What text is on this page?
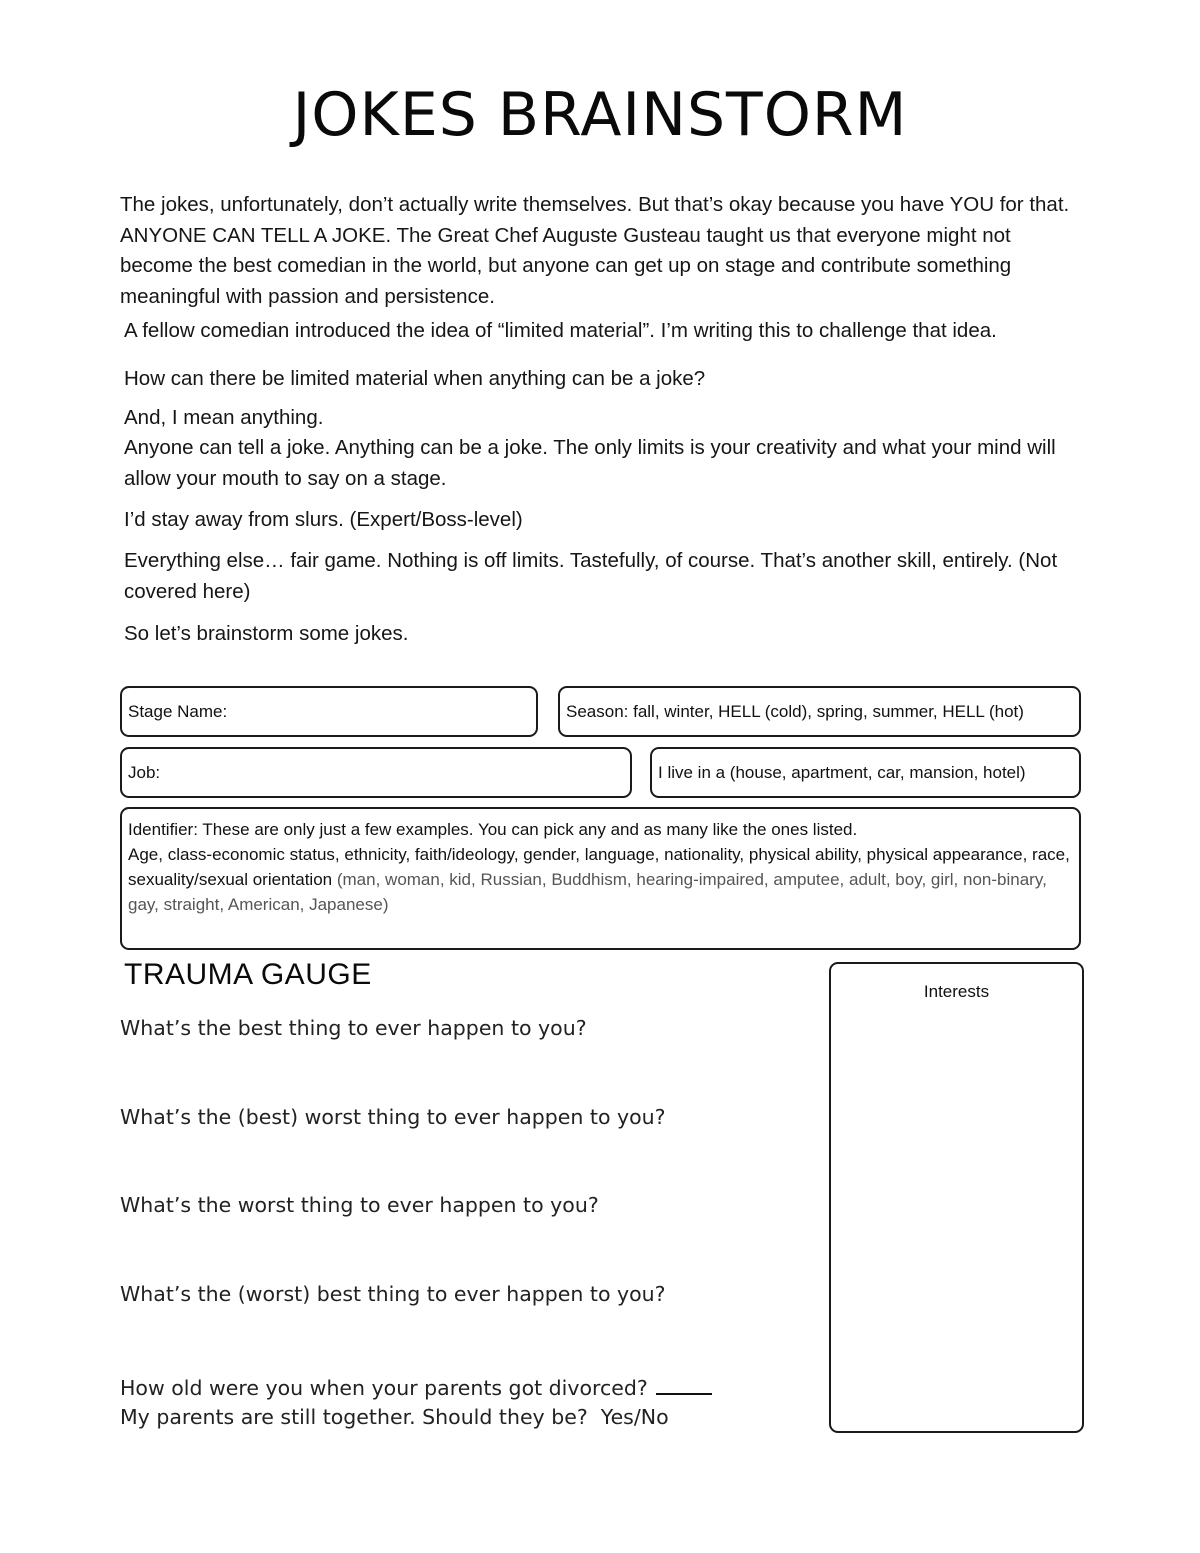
JOKES BRAINSTORM

The jokes, unfortunately, don’t actually write themselves. But that’s okay because you have YOU for that. ANYONE CAN TELL A JOKE. The Great Chef Auguste Gusteau taught us that everyone might not become the best comedian in the world, but anyone can get up on stage and contribute something meaningful with passion and persistence.

A fellow comedian introduced the idea of “limited material”. I’m writing this to challenge that idea.

How can there be limited material when anything can be a joke?

And, I mean anything.

Anyone can tell a joke. Anything can be a joke. The only limits is your creativity and what your mind will allow your mouth to say on a stage.

I’d stay away from slurs. (Expert/Boss-level)

Everything else… fair game. Nothing is off limits. Tastefully, of course. That’s another skill, entirely. (Not covered here)

So let’s brainstorm some jokes.

Stage Name:	Season: fall, winter, HELL (cold), spring, summer, HELL (hot)
Job:	I live in a (house, apartment, car, mansion, hotel)
Identifier: These are only just a few examples. You can pick any and as many like the ones listed.
Age, class-economic status, ethnicity, faith/ideology, gender, language, nationality, physical ability, physical appearance, race, sexuality/sexual orientation (man, woman, kid, Russian, Buddhism, hearing-impaired, amputee, adult, boy, girl, non-binary, gay, straight, American, Japanese)
TRAUMA GAUGE

What’s the best thing to ever happen to you?

What’s the (best) worst thing to ever happen to you?

What’s the worst thing to ever happen to you?

What’s the (worst) best thing to ever happen to you?

How old were you when your parents got divorced?

My parents are still together. Should they be? Yes/No

Interests
